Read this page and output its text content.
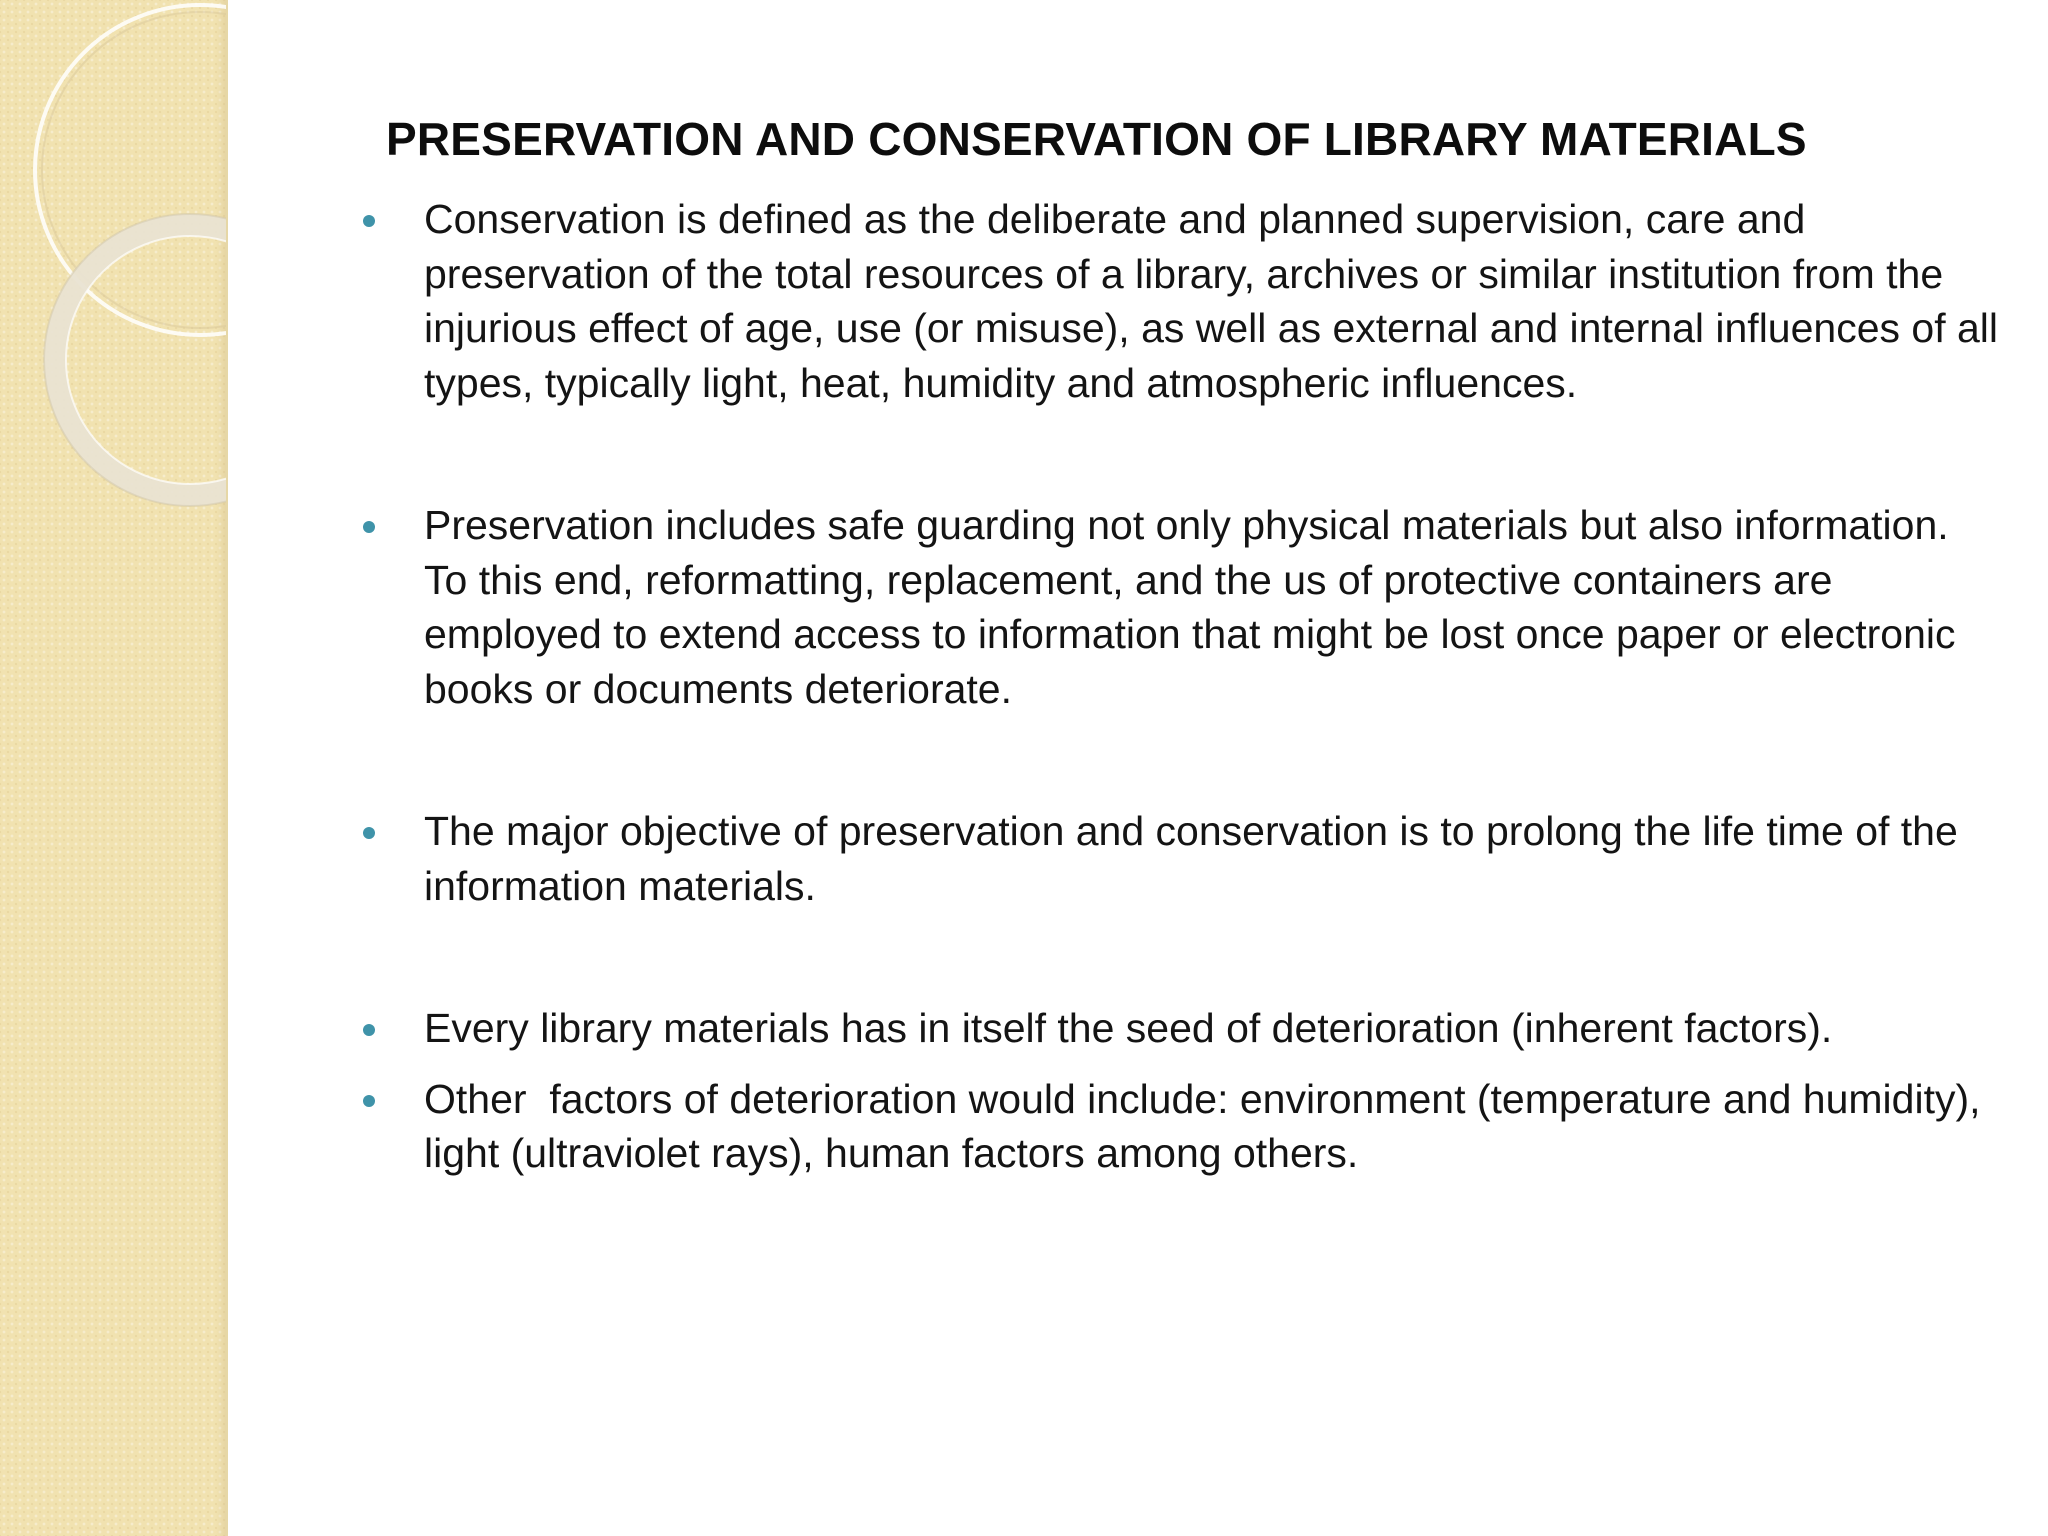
PRESERVATION AND CONSERVATION OF LIBRARY MATERIALS
Conservation is defined as the deliberate and planned supervision, care and preservation of the total resources of a library, archives or similar institution from the injurious effect of age, use (or misuse), as well as external and internal influences of all types, typically light, heat, humidity and atmospheric influences.
Preservation includes safe guarding not only physical materials but also information. To this end, reformatting, replacement, and the us of protective containers are employed to extend access to information that might be lost once paper or electronic books or documents deteriorate.
The major objective of preservation and conservation is to prolong the life time of the information materials.
Every library materials has in itself the seed of deterioration (inherent factors).
Other  factors of deterioration would include: environment (temperature and humidity), light (ultraviolet rays), human factors among others.
